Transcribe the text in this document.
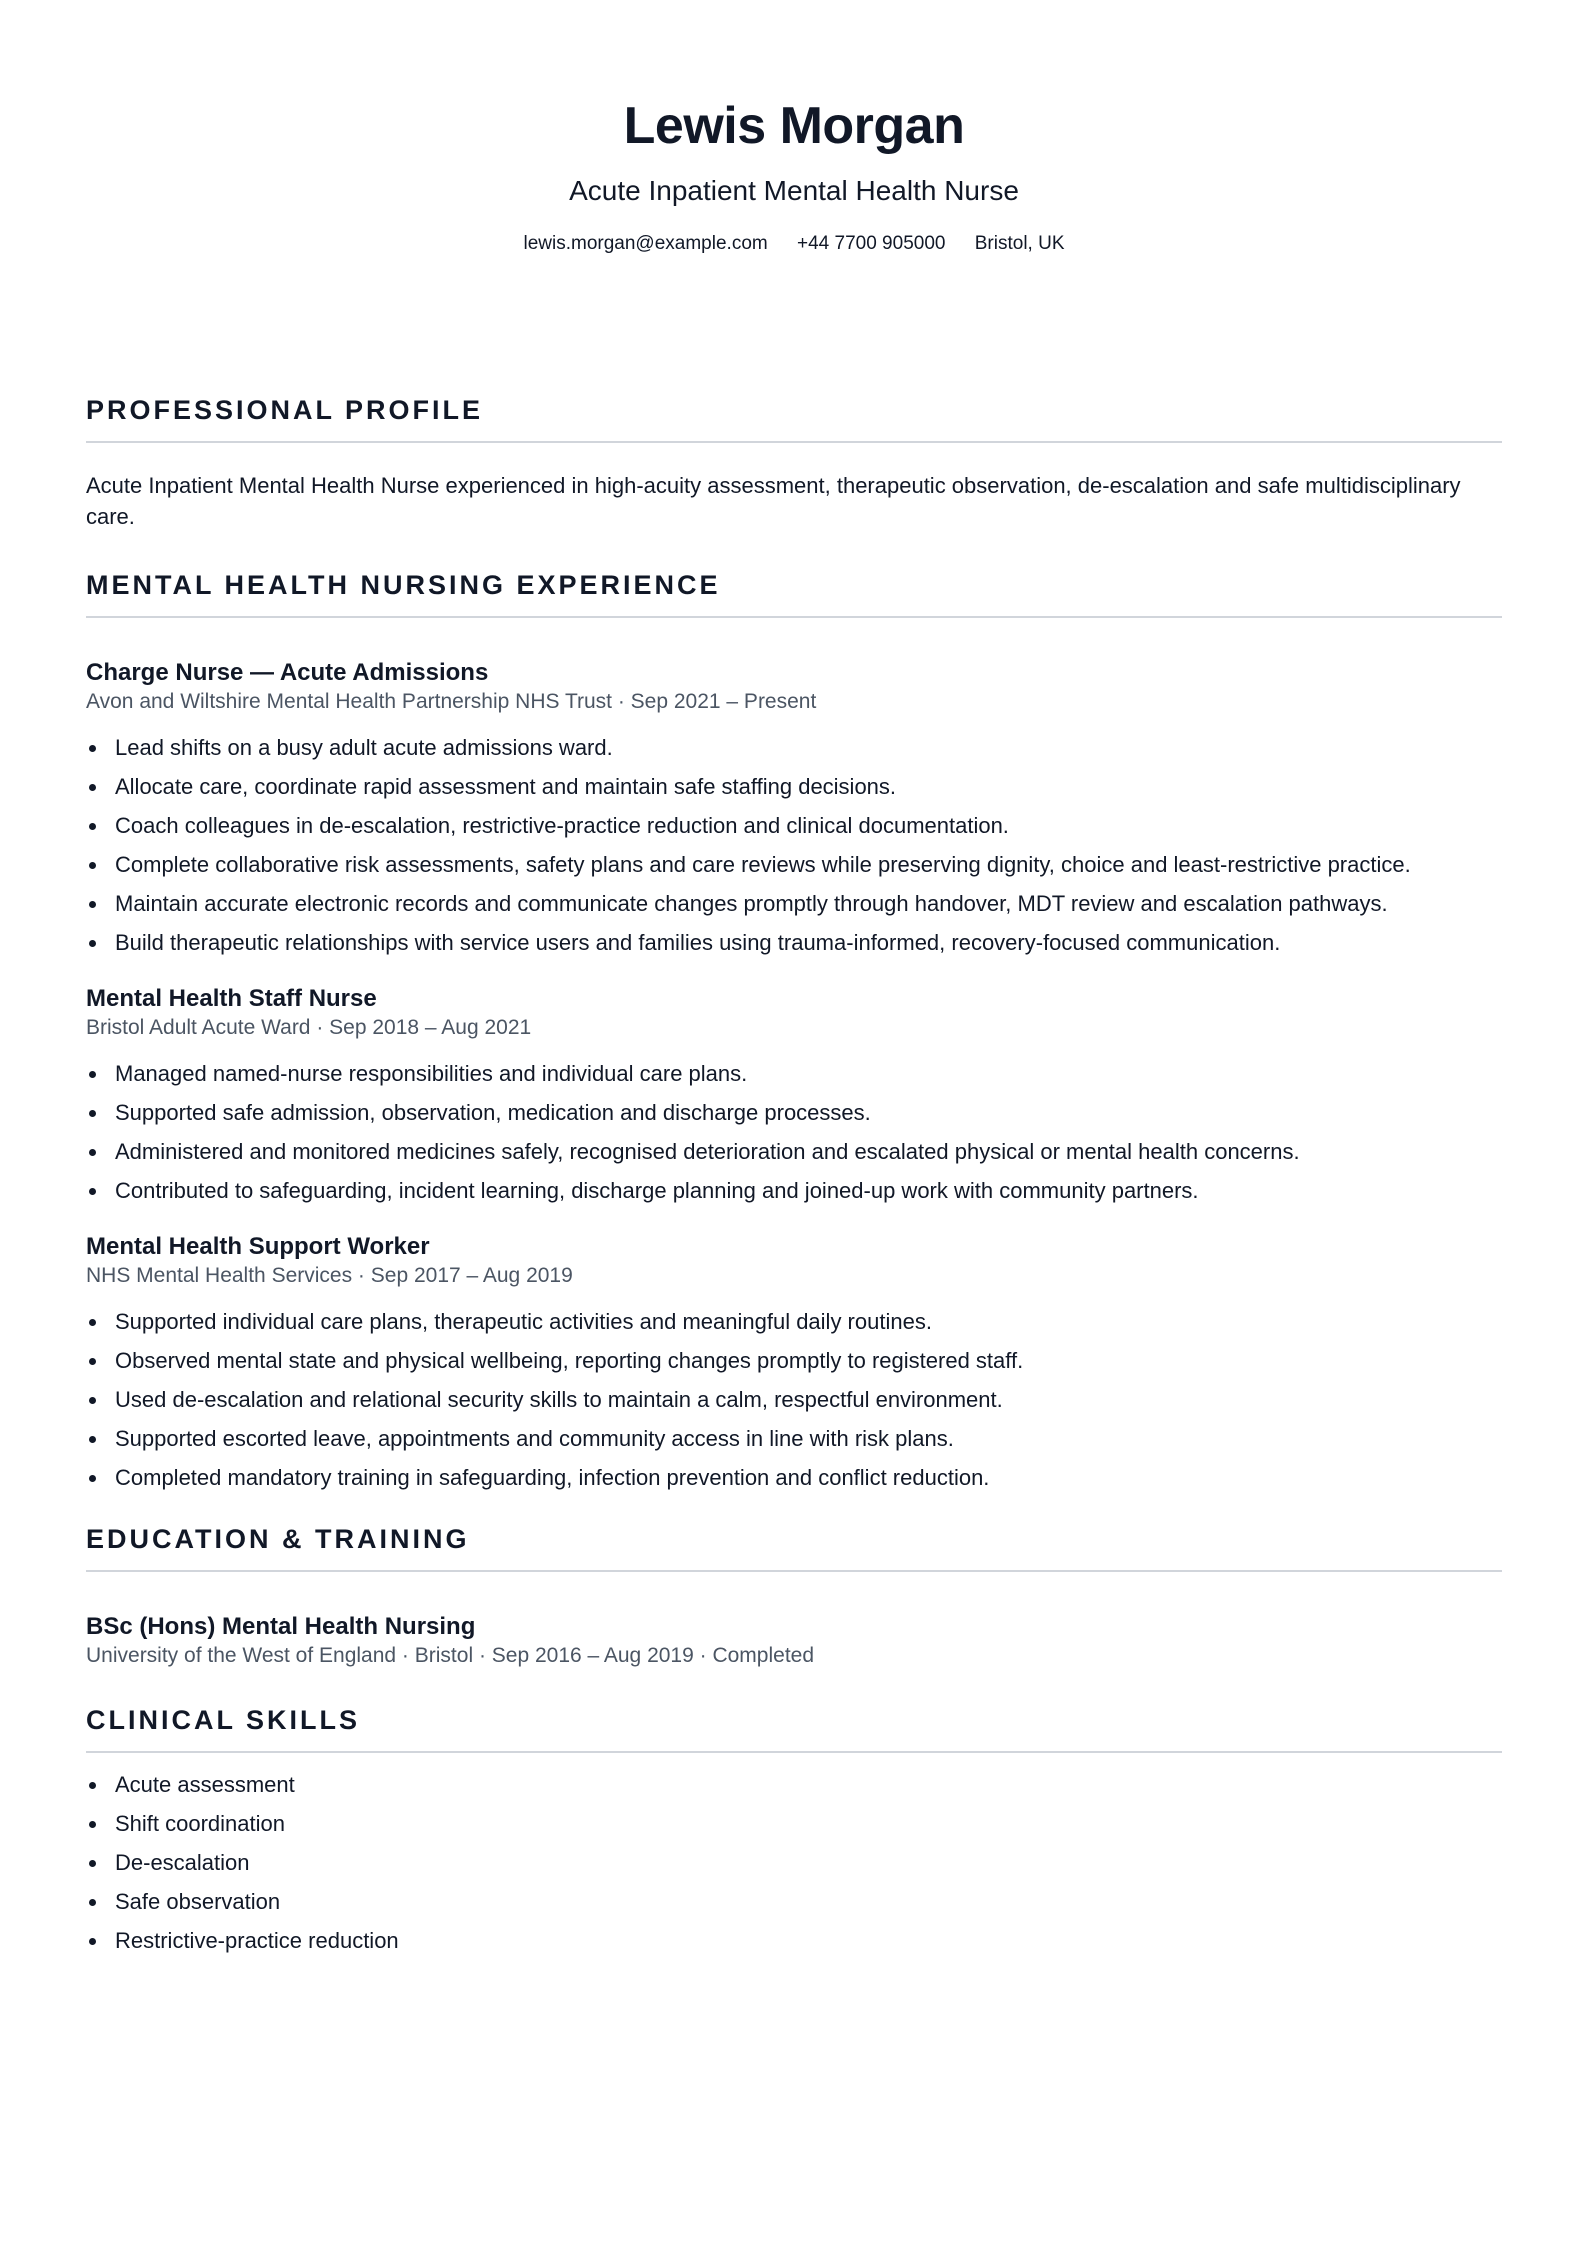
Lewis Morgan
Acute Inpatient Mental Health Nurse
lewis.morgan@example.com +44 7700 905000 Bristol, UK
PROFESSIONAL PROFILE

Acute Inpatient Mental Health Nurse experienced in high-acuity assessment, therapeutic observation, de-escalation and safe multidisciplinary care.

MENTAL HEALTH NURSING EXPERIENCE
Charge Nurse — Acute Admissions
Avon and Wiltshire Mental Health Partnership NHS Trust · Sep 2021 – Present
Lead shifts on a busy adult acute admissions ward.
Allocate care, coordinate rapid assessment and maintain safe staffing decisions.
Coach colleagues in de-escalation, restrictive-practice reduction and clinical documentation.
Complete collaborative risk assessments, safety plans and care reviews while preserving dignity, choice and least-restrictive practice.
Maintain accurate electronic records and communicate changes promptly through handover, MDT review and escalation pathways.
Build therapeutic relationships with service users and families using trauma-informed, recovery-focused communication.
Mental Health Staff Nurse
Bristol Adult Acute Ward · Sep 2018 – Aug 2021
Managed named-nurse responsibilities and individual care plans.
Supported safe admission, observation, medication and discharge processes.
Administered and monitored medicines safely, recognised deterioration and escalated physical or mental health concerns.
Contributed to safeguarding, incident learning, discharge planning and joined-up work with community partners.
Mental Health Support Worker
NHS Mental Health Services · Sep 2017 – Aug 2019
Supported individual care plans, therapeutic activities and meaningful daily routines.
Observed mental state and physical wellbeing, reporting changes promptly to registered staff.
Used de-escalation and relational security skills to maintain a calm, respectful environment.
Supported escorted leave, appointments and community access in line with risk plans.
Completed mandatory training in safeguarding, infection prevention and conflict reduction.
EDUCATION & TRAINING
BSc (Hons) Mental Health Nursing
University of the West of England · Bristol · Sep 2016 – Aug 2019 · Completed
CLINICAL SKILLS
Acute assessment
Shift coordination
De-escalation
Safe observation
Restrictive-practice reduction
